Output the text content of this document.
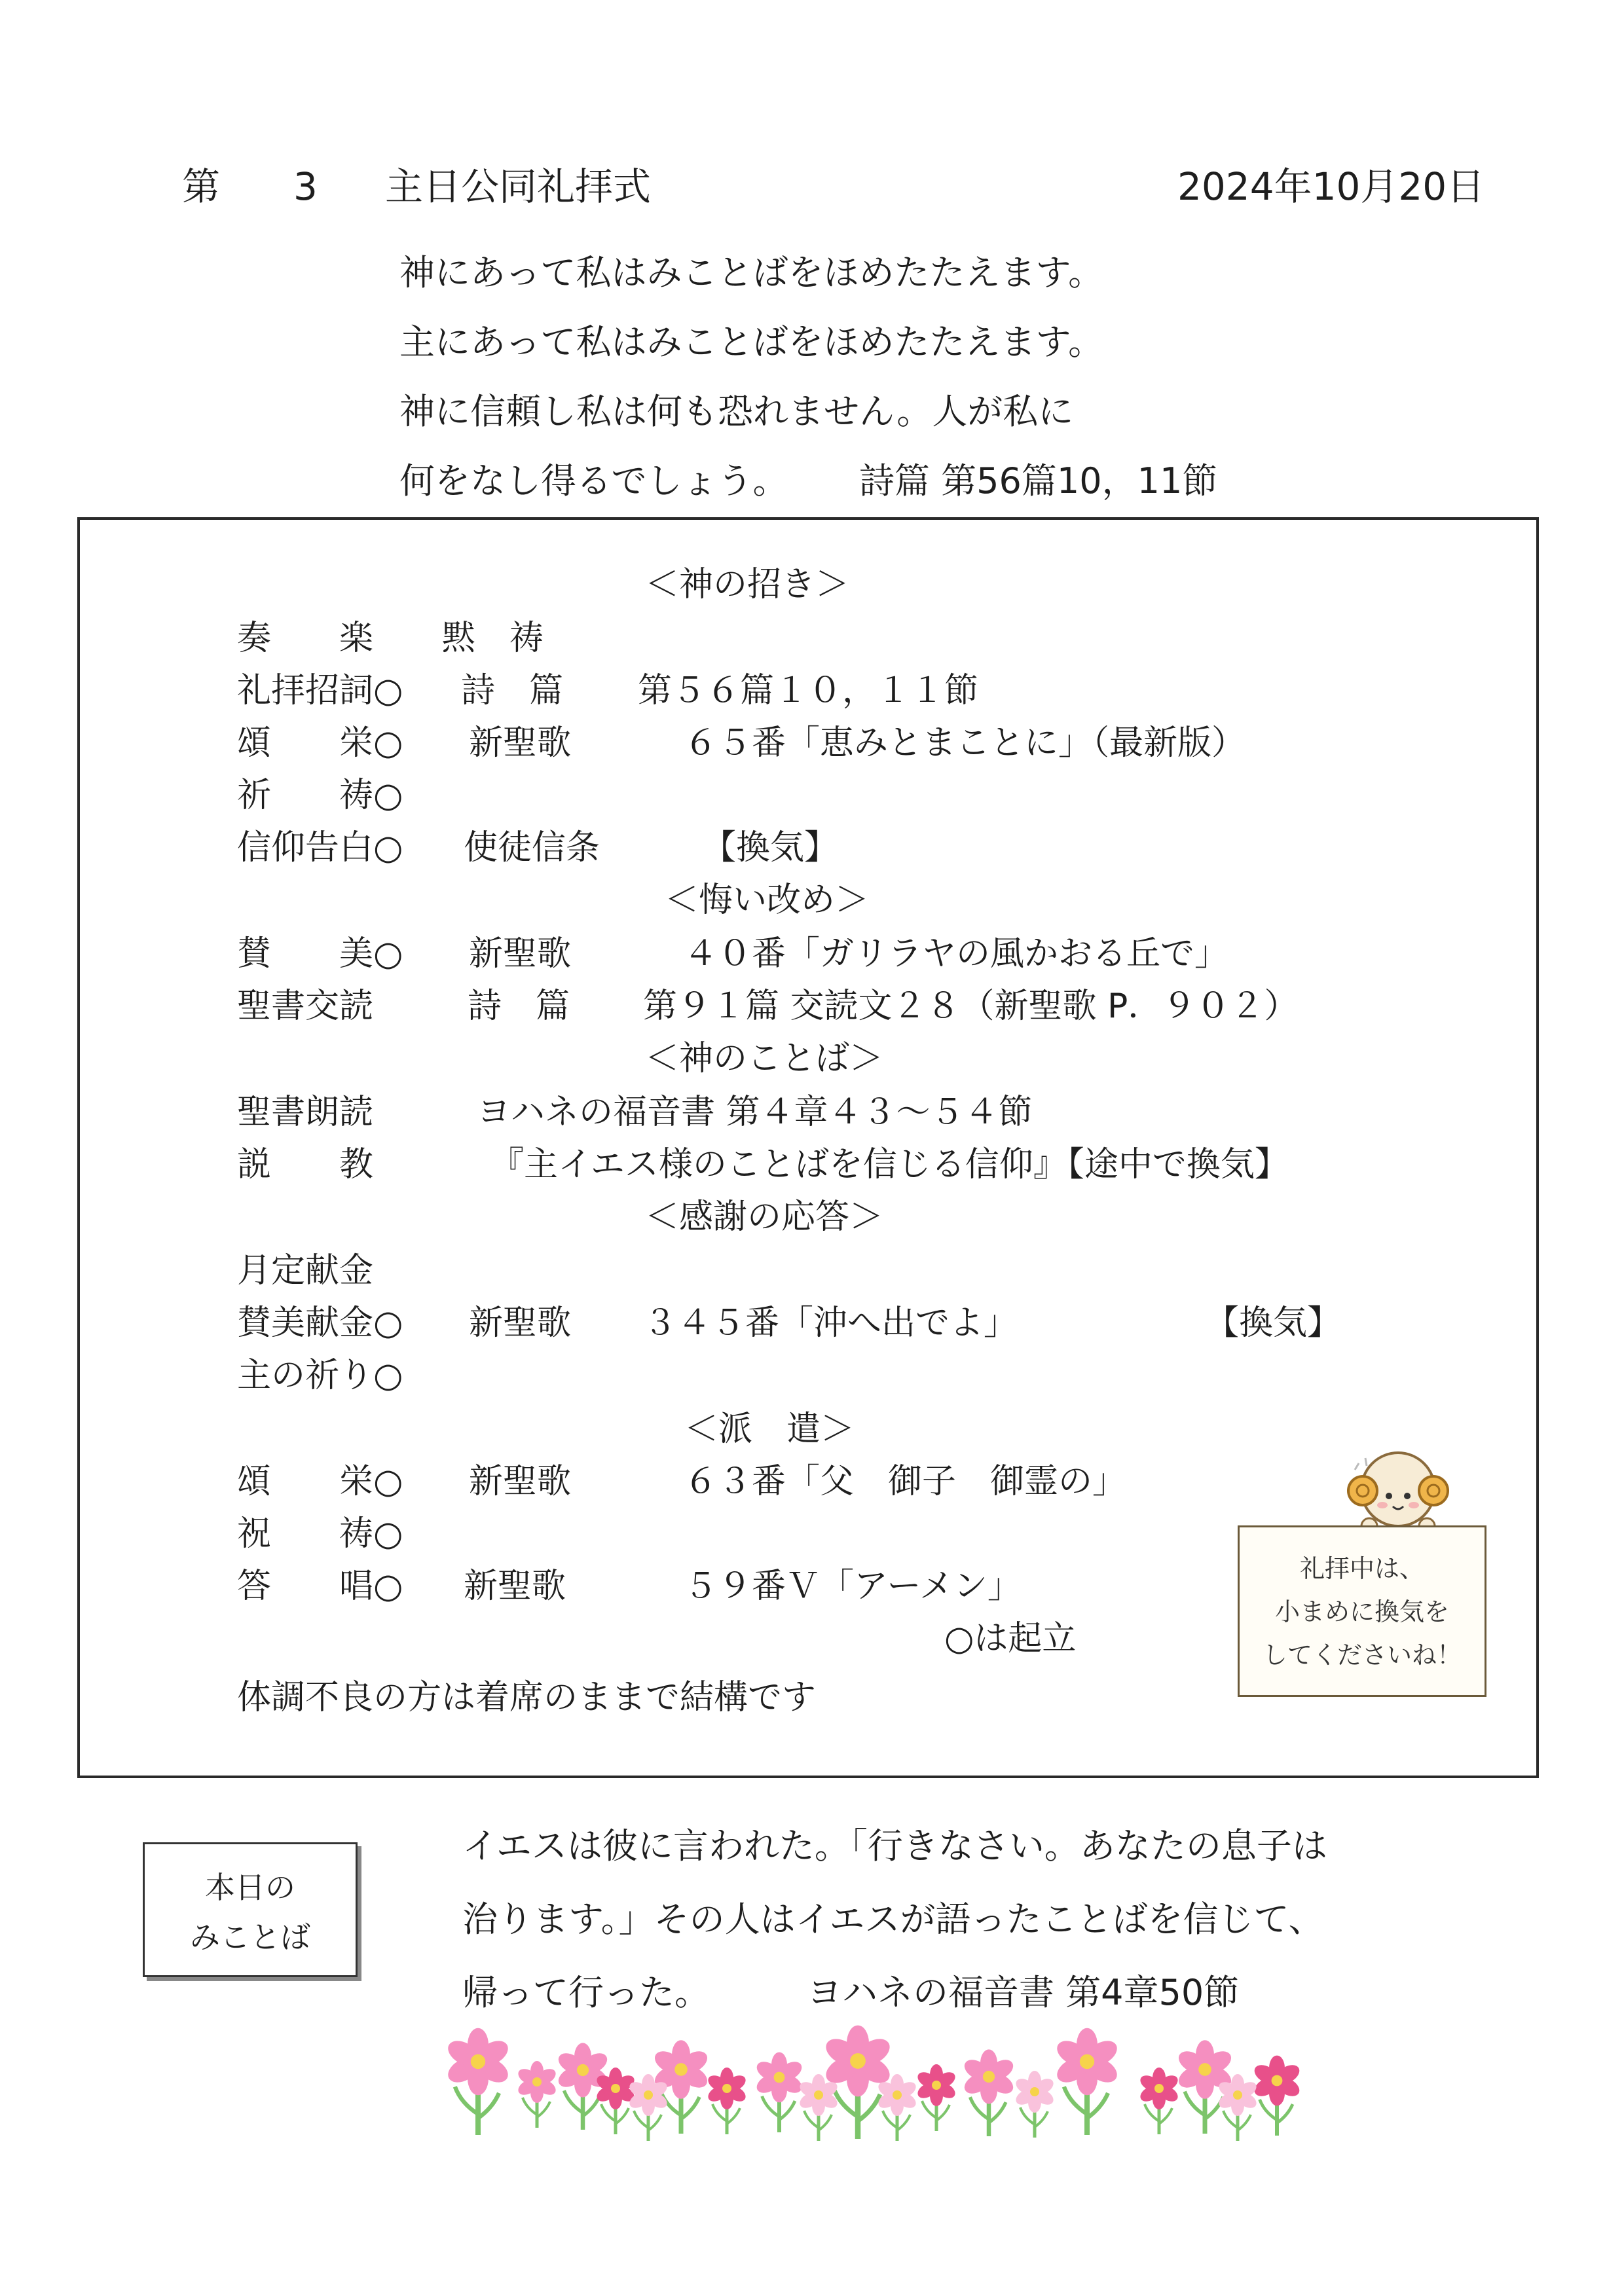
第 3 主日公同礼拝式	2024年10月20日
神にあって私はみことばをほめたたえます。
主にあって私はみことばをほめたたえます。
神に信頼し私は何も恐れません。人が私に
何をなし得るでしょう。 詩篇 第56篇10，11節
＜神の招き＞
奏　　楽　　黙　祷
礼拝招詞○ 詩　篇 第５６篇１０，１１節
頌　　栄○ 新聖歌	６５番「恵みとまことに」（最新版）
祈　　祷○
信仰告白○ 使徒信条	【換気】
＜悔い改め＞
賛　　美○ 新聖歌	４０番「ガリラヤの風かおる丘で」
聖書交読	詩　篇 第９１篇 交読文２８（新聖歌 P．９０２）
＜神のことば＞
聖書朗読	ヨハネの福音書 第４章４３～５４節
説　　教	『主イエス様のことばを信じる信仰』【途中で換気】
＜感謝の応答＞
月定献金
賛美献金○ 新聖歌 ３４５番「沖へ出でよ」	【換気】
主の祈り○
＜派　遣＞
頌　　栄○ 新聖歌	６３番「父　御子　御霊の」
祝　　祷○
答　　唱○ 新聖歌	５９番Ｖ「アーメン」
○は起立
体調不良の方は着席のままで結構です
礼拝中は、
小まめに換気を
してくださいね！
本日の
みことば
イエスは彼に言われた。「行きなさい。あなたの息子は
治ります。」その人はイエスが語ったことばを信じて、
帰って行った。	ヨハネの福音書 第4章50節
